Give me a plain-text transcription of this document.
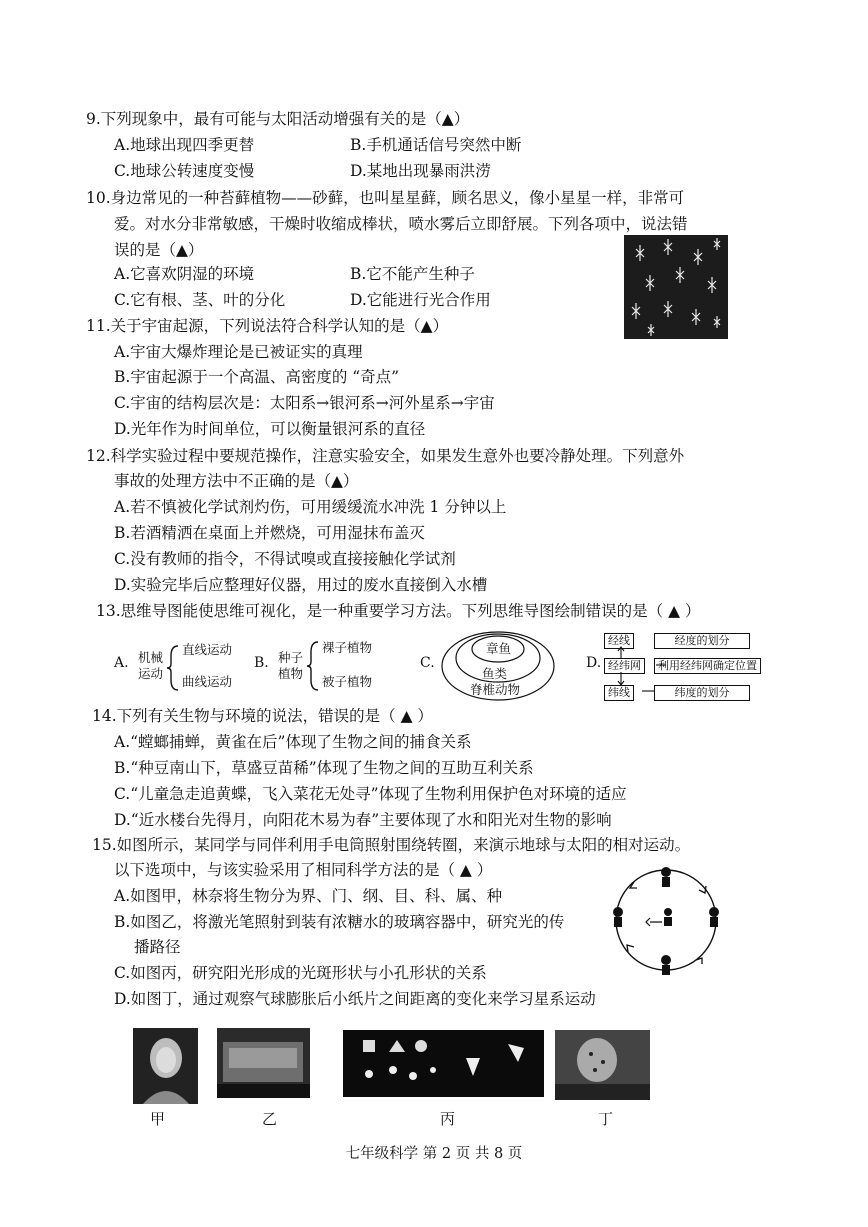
9.下列现象中，最有可能与太阳活动增强有关的是（▲）
A.地球出现四季更替	B.手机通话信号突然中断
C.地球公转速度变慢	D.某地出现暴雨洪涝
10.身边常见的一种苔藓植物——砂藓，也叫星星藓，顾名思义，像小星星一样，非常可
爱。对水分非常敏感，干燥时收缩成棒状，喷水雾后立即舒展。下列各项中，说法错
误的是（▲）
A.它喜欢阴湿的环境	B.它不能产生种子
C.它有根、茎、叶的分化	D.它能进行光合作用
11.关于宇宙起源，下列说法符合科学认知的是（▲）
A.宇宙大爆炸理论是已被证实的真理
B.宇宙起源于一个高温、高密度的 “奇点”
C.宇宙的结构层次是：太阳系→银河系→河外星系→宇宙
D.光年作为时间单位，可以衡量银河系的直径
12.科学实验过程中要规范操作，注意实验安全，如果发生意外也要冷静处理。下列意外
事故的处理方法中不正确的是（▲）
A.若不慎被化学试剂灼伤，可用缓缓流水冲洗 1 分钟以上
B.若酒精洒在桌面上并燃烧，可用湿抹布盖灭
C.没有教师的指令，不得试嗅或直接接触化学试剂
D.实验完毕后应整理好仪器，用过的废水直接倒入水槽
13.思维导图能使思维可视化，是一种重要学习方法。下列思维导图绘制错误的是（ ▲ ）
A. 机械
运动
直线运动
曲线运动
B. 种子
植物
裸子植物
被子植物
C.
章鱼
鱼类
脊椎动物
D.
经线
经纬网
纬线
经度的划分
利用经纬网确定位置
纬度的划分
14.下列有关生物与环境的说法，错误的是（ ▲ ）
A.“螳螂捕蝉，黄雀在后”体现了生物之间的捕食关系
B.“种豆南山下，草盛豆苗稀”体现了生物之间的互助互利关系
C.“儿童急走追黄蝶，飞入菜花无处寻”体现了生物利用保护色对环境的适应
D.“近水楼台先得月，向阳花木易为春”主要体现了水和阳光对生物的影响
15.如图所示，某同学与同伴利用手电筒照射围绕转圈，来演示地球与太阳的相对运动。
以下选项中，与该实验采用了相同科学方法的是（ ▲ ）
A.如图甲，林奈将生物分为界、门、纲、目、科、属、种
B.如图乙，将激光笔照射到装有浓糖水的玻璃容器中，研究光的传
播路径
C.如图丙，研究阳光形成的光斑形状与小孔形状的关系
D.如图丁，通过观察气球膨胀后小纸片之间距离的变化来学习星系运动
甲	乙	丙	丁
七年级科学 第 2 页 共 8 页
